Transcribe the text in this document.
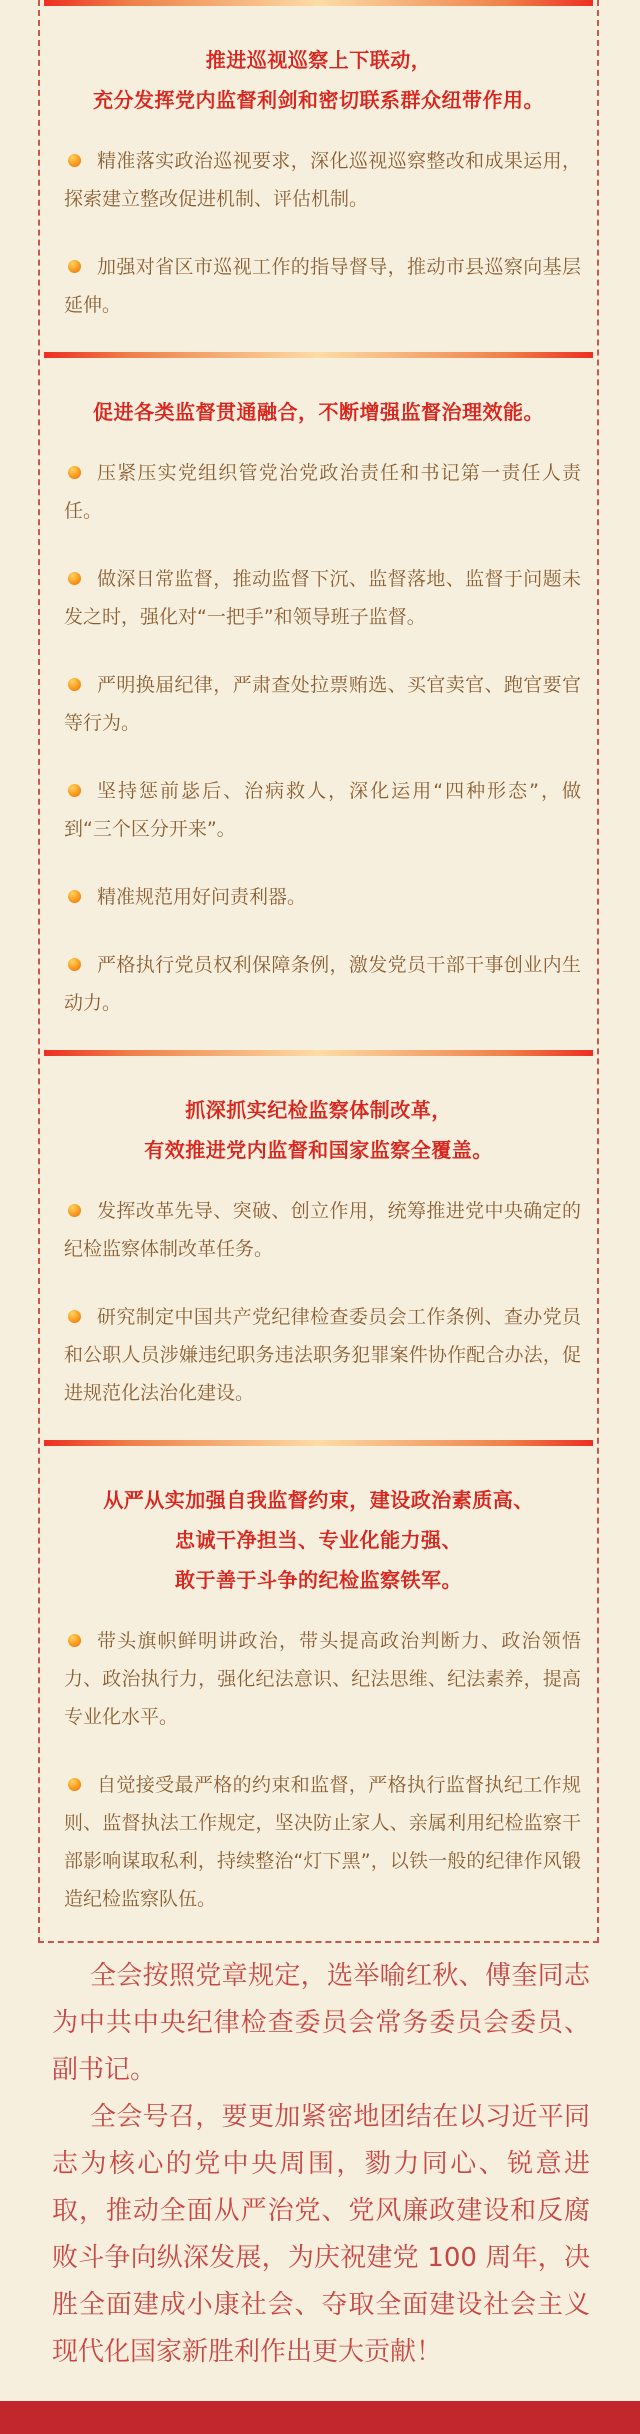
推进巡视巡察上下联动，
充分发挥党内监督利剑和密切联系群众纽带作用。

精准落实政治巡视要求，深化巡视巡察整改和成果运用，探索建立整改促进机制、评估机制。

加强对省区市巡视工作的指导督导，推动市县巡察向基层延伸。

促进各类监督贯通融合，不断增强监督治理效能。

压紧压实党组织管党治党政治责任和书记第一责任人责任。

做深日常监督，推动监督下沉、监督落地、监督于问题未发之时，强化对“一把手”和领导班子监督。

严明换届纪律，严肃查处拉票贿选、买官卖官、跑官要官等行为。

坚持惩前毖后、治病救人，深化运用“四种形态”，做到“三个区分开来”。

精准规范用好问责利器。

严格执行党员权利保障条例，激发党员干部干事创业内生动力。

抓深抓实纪检监察体制改革，
有效推进党内监督和国家监察全覆盖。

发挥改革先导、突破、创立作用，统筹推进党中央确定的纪检监察体制改革任务。

研究制定中国共产党纪律检查委员会工作条例、查办党员和公职人员涉嫌违纪职务违法职务犯罪案件协作配合办法，促进规范化法治化建设。

从严从实加强自我监督约束，建设政治素质高、
忠诚干净担当、专业化能力强、
敢于善于斗争的纪检监察铁军。

带头旗帜鲜明讲政治，带头提高政治判断力、政治领悟力、政治执行力，强化纪法意识、纪法思维、纪法素养，提高专业化水平。

自觉接受最严格的约束和监督，严格执行监督执纪工作规则、监督执法工作规定，坚决防止家人、亲属利用纪检监察干部影响谋取私利，持续整治“灯下黑”，以铁一般的纪律作风锻造纪检监察队伍。

全会按照党章规定，选举喻红秋、傅奎同志为中共中央纪律检查委员会常务委员会委员、副书记。

全会号召，要更加紧密地团结在以习近平同志为核心的党中央周围，勠力同心、锐意进取，推动全面从严治党、党风廉政建设和反腐败斗争向纵深发展，为庆祝建党 100 周年，决胜全面建成小康社会、夺取全面建设社会主义现代化国家新胜利作出更大贡献！
